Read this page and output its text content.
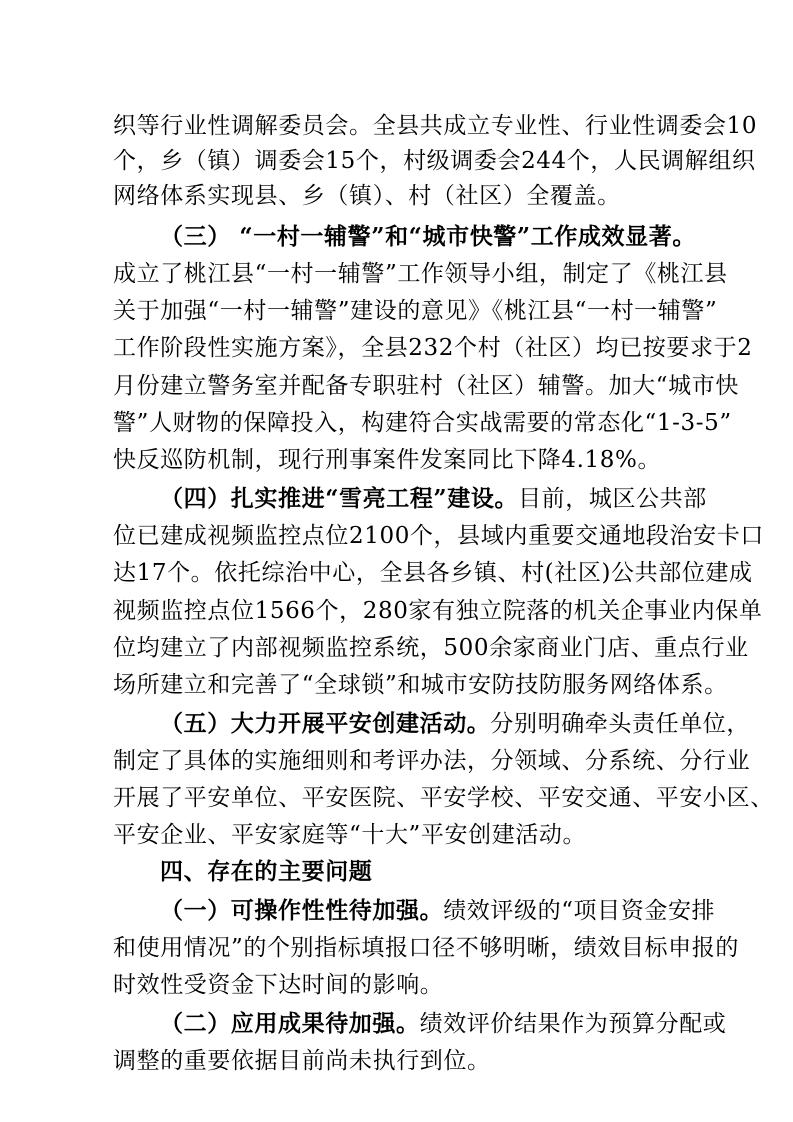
织等行业性调解委员会。全县共成立专业性、行业性调委会10
个，乡（镇）调委会15个，村级调委会244个，人民调解组织
网络体系实现县、乡（镇）、村（社区）全覆盖。
（三） “一村一辅警”和“城市快警”工作成效显著。
成立了桃江县“一村一辅警”工作领导小组，制定了《桃江县
关于加强“一村一辅警”建设的意见》《桃江县“一村一辅警”
工作阶段性实施方案》，全县232个村（社区）均已按要求于2
月份建立警务室并配备专职驻村（社区）辅警。加大“城市快
警”人财物的保障投入，构建符合实战需要的常态化“1-3-5”
快反巡防机制，现行刑事案件发案同比下降4.18%。
（四）扎实推进“雪亮工程”建设。目前，城区公共部
位已建成视频监控点位2100个，县域内重要交通地段治安卡口
达17个。依托综治中心，全县各乡镇、村(社区)公共部位建成
视频监控点位1566个，280家有独立院落的机关企事业内保单
位均建立了内部视频监控系统，500余家商业门店、重点行业
场所建立和完善了“全球锁”和城市安防技防服务网络体系。
（五）大力开展平安创建活动。分别明确牵头责任单位，
制定了具体的实施细则和考评办法，分领域、分系统、分行业
开展了平安单位、平安医院、平安学校、平安交通、平安小区、
平安企业、平安家庭等“十大”平安创建活动。
四、存在的主要问题
（一）可操作性性待加强。绩效评级的“项目资金安排
和使用情况”的个别指标填报口径不够明晰，绩效目标申报的
时效性受资金下达时间的影响。
（二）应用成果待加强。绩效评价结果作为预算分配或
调整的重要依据目前尚未执行到位。
